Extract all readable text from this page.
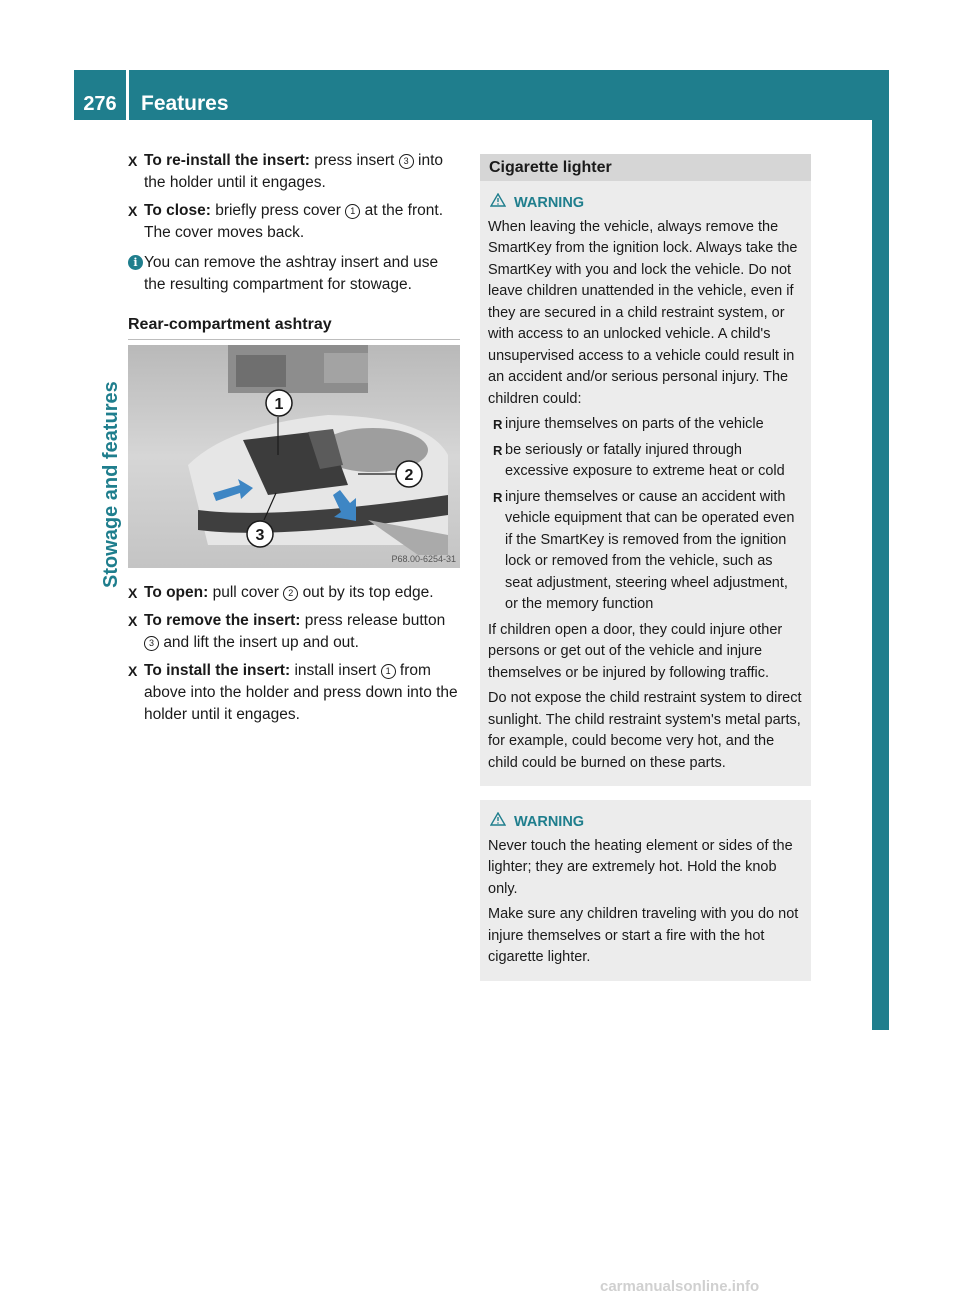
276	Features
Stowage and features
X To re-install the insert: press insert 3 into the holder until it engages.
X To close: briefly press cover 1 at the front.
The cover moves back.
i You can remove the ashtray insert and use the resulting compartment for stowage.
Rear-compartment ashtray
1
2
3
P68.00-6254-31
X To open: pull cover 2 out by its top edge.
X To remove the insert: press release button 3 and lift the insert up and out.
X To install the insert: install insert 1 from above into the holder and press down into the holder until it engages.
Cigarette lighter
WARNING

When leaving the vehicle, always remove the SmartKey from the ignition lock. Always take the SmartKey with you and lock the vehicle. Do not leave children unattended in the vehicle, even if they are secured in a child restraint system, or with access to an unlocked vehicle. A child's unsupervised access to a vehicle could result in an accident and/or serious personal injury. The children could:

R injure themselves on parts of the vehicle
R be seriously or fatally injured through excessive exposure to extreme heat or cold
R injure themselves or cause an accident with vehicle equipment that can be operated even if the SmartKey is removed from the ignition lock or removed from the vehicle, such as seat adjustment, steering wheel adjustment, or the memory function

If children open a door, they could injure other persons or get out of the vehicle and injure themselves or be injured by following traffic.

Do not expose the child restraint system to direct sunlight. The child restraint system's metal parts, for example, could become very hot, and the child could be burned on these parts.

WARNING

Never touch the heating element or sides of the lighter; they are extremely hot. Hold the knob only.

Make sure any children traveling with you do not injure themselves or start a fire with the hot cigarette lighter.

carmanualsonline.info
